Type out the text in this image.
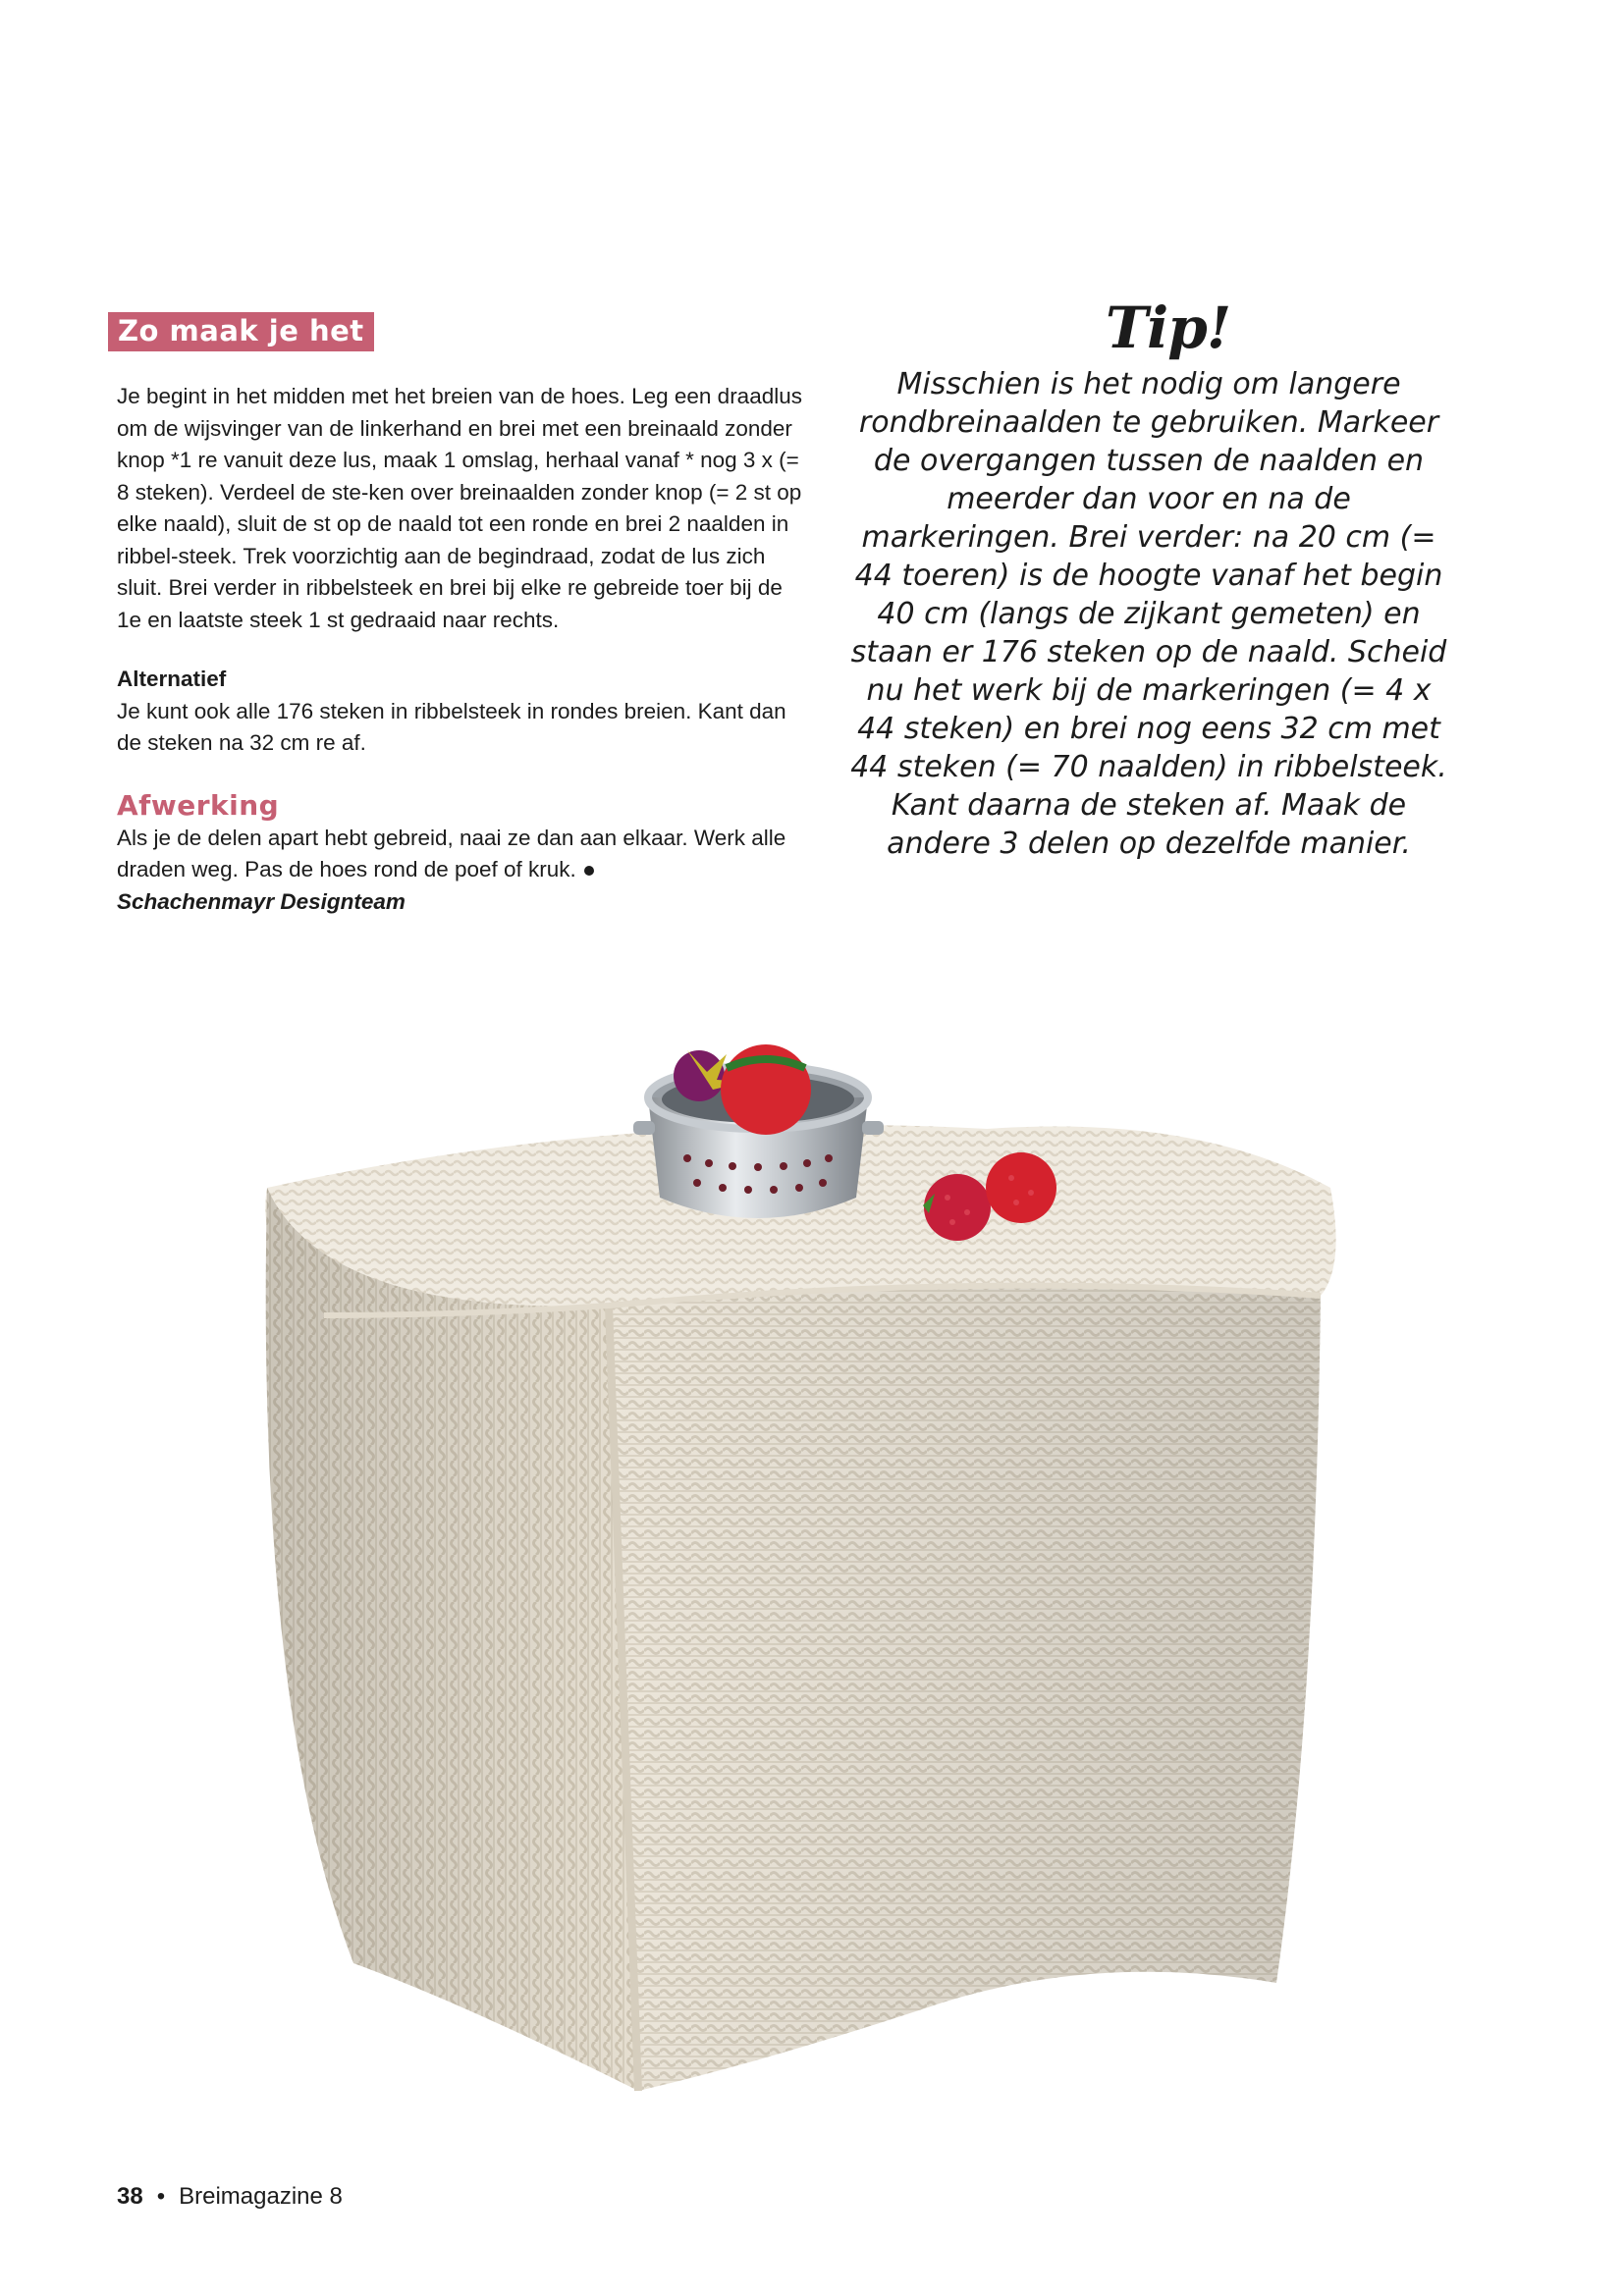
Zo maak je het

Je begint in het midden met het breien van de hoes. Leg een draadlus om de wijsvinger van de linkerhand en brei met een breinaald zonder knop *1 re vanuit deze lus, maak 1 omslag, herhaal vanaf * nog 3 x (= 8 steken). Verdeel de ste-ken over breinaalden zonder knop (= 2 st op elke naald), sluit de st op de naald tot een ronde en brei 2 naalden in ribbel-steek. Trek voorzichtig aan de begindraad, zodat de lus zich sluit. Brei verder in ribbelsteek en brei bij elke re gebreide toer bij de 1e en laatste steek 1 st gedraaid naar rechts.

Alternatief

Je kunt ook alle 176 steken in ribbelsteek in rondes breien. Kant dan de steken na 32 cm re af.

Afwerking

Als je de delen apart hebt gebreid, naai ze dan aan elkaar. Werk alle draden weg. Pas de hoes rond de poef of kruk.

Schachenmayr Designteam

Tip!
Misschien is het nodig om langere rondbreinaalden te gebruiken. Markeer de overgangen tussen de naalden en meerder dan voor en na de markeringen. Brei verder: na 20 cm (= 44 toeren) is de hoogte vanaf het begin 40 cm (langs de zijkant gemeten) en staan er 176 steken op de naald. Scheid nu het werk bij de markeringen (= 4 x 44 steken) en brei nog eens 32 cm met 44 steken (= 70 naalden) in ribbelsteek. Kant daarna de steken af. Maak de andere 3 delen op dezelfde manier.
38 • Breimagazine 8
